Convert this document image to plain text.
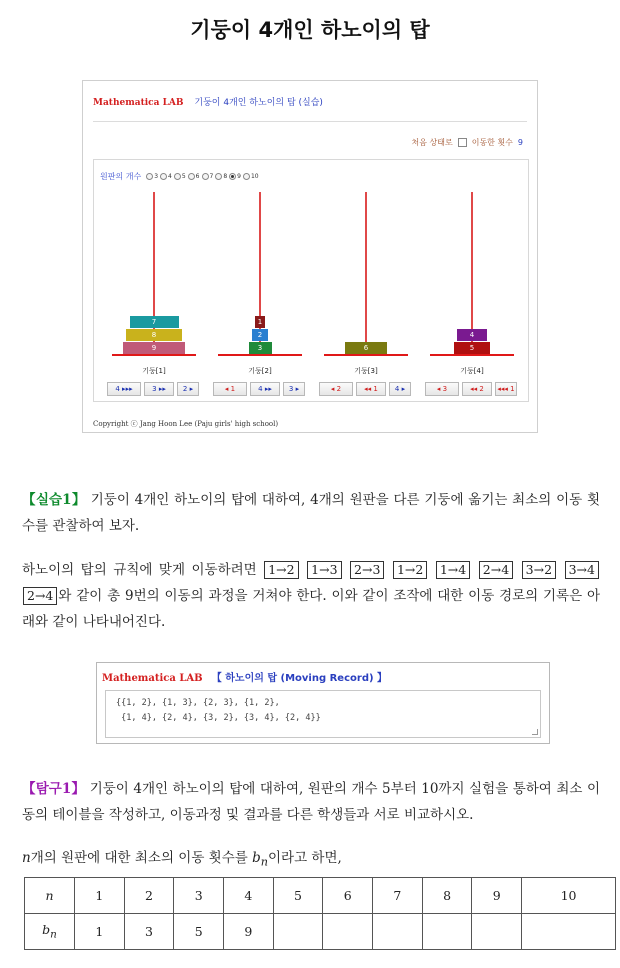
기둥이 4개인 하노이의 탑
Mathematica LAB 기둥이 4개인 하노이의 탑 (실습)
처음 상태로 이동한 횟수 9
원판의 개수 3 4 5 6 7 8 9 10
9
8
7
기둥[1]
4 ▸▸▸	3 ▸▸	2 ▸
3
2
1
기둥[2]
◂ 1	4 ▸▸	3 ▸
6
기둥[3]
◂ 2	◂◂ 1	4 ▸
5
4
기둥[4]
◂ 3	◂◂ 2	◂◂◂ 1
Copyright ⓒ Jang Hoon Lee (Paju girls' high school)
【실습1】 기둥이 4개인 하노이의 탑에 대하여, 4개의 원판을 다른 기둥에 옮기는 최소의 이동 횟수를 관찰하여 보자.
하노이의 탑의 규칙에 맞게 이동하려면 1→2 1→3 2→3 1→2 1→4 2→4 3→2 3→4 2→4 와 같이 총 9번의 이동의 과정을 거쳐야 한다. 이와 같이 조작에 대한 이동 경로의 기록은 아래와 같이 나타내어진다.
Mathematica LAB 【 하노이의 탑 (Moving Record) 】
{{1, 2}, {1, 3}, {2, 3}, {1, 2},
{1, 4}, {2, 4}, {3, 2}, {3, 4}, {2, 4}}
【탐구1】 기둥이 4개인 하노이의 탑에 대하여, 원판의 개수 5부터 10까지 실험을 통하여 최소 이동의 테이블을 작성하고, 이동과정 및 결과를 다른 학생들과 서로 비교하시오.
n개의 원판에 대한 최소의 이동 횟수를 $b_n$이라고 하면,
n	1	2	3	4	5	6	7	8	9	10
$b_n$	1	3	5	9						
